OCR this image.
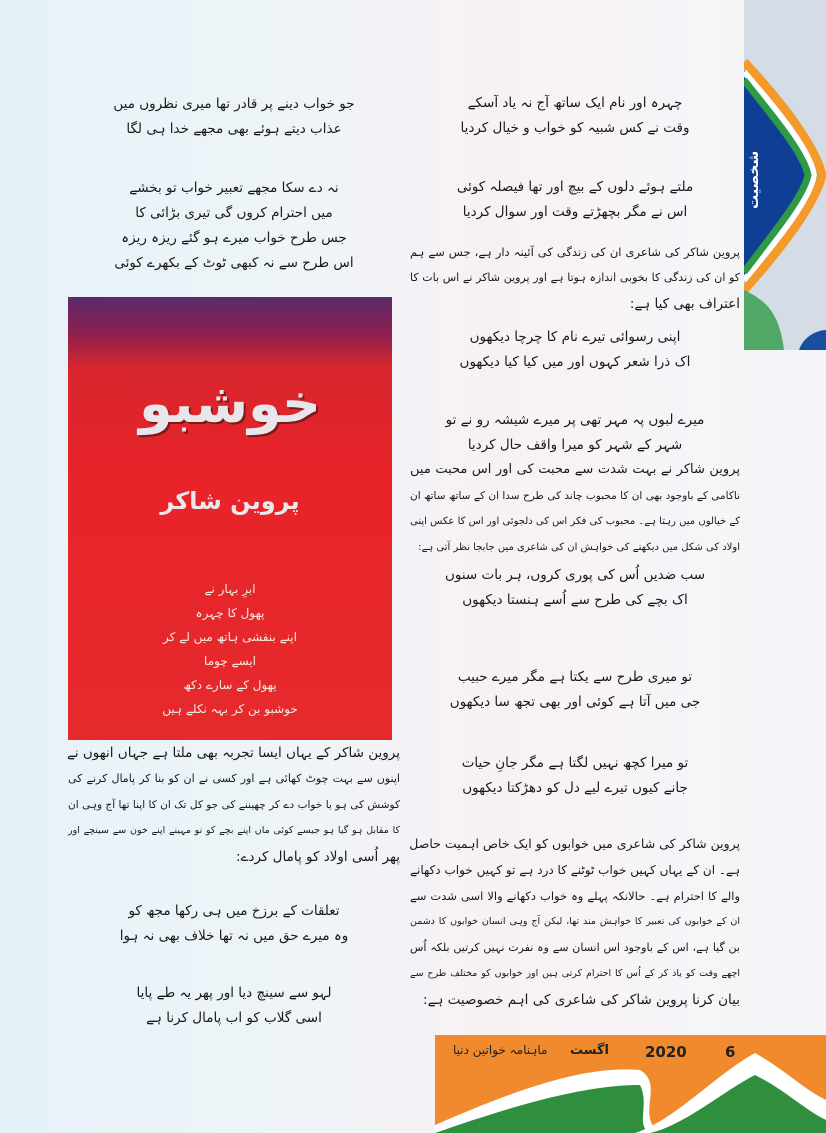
شخصیت
خوشبو
پروین شاکر
ابرِ بہار نے
پھول کا چہرہ
اپنے بنفشی ہاتھ میں لے کر
ایسے چوما
پھول کے سارے دکھ
خوشبو بن کر بہہ نکلے ہیں
6
2020
اگست
ماہنامہ خواتین دنیا
چہرہ اور نام ایک ساتھ آج نہ یاد آسکے
وقت نے کس شبیہ کو خواب و خیال کردیا
ملتے ہوئے دلوں کے بیچ اور تھا فیصلہ کوئی
اس نے مگر بچھڑتے وقت اور سوال کردیا
پروین شاکر کی شاعری ان کی زندگی کی آئینہ دار ہے، جس سے ہم
کو ان کی زندگی کا بخوبی اندازہ ہوتا ہے اور پروین شاکر نے اس بات کا
اعتراف بھی کیا ہے:
اپنی رسوائی تیرے نام کا چرچا دیکھوں
اک ذرا شعر کہوں اور میں کیا کیا دیکھوں
میرے لبوں پہ مہر تھی پر میرے شیشہ رو نے تو
شہر کے شہر کو میرا واقف حال کردیا
پروین شاکر نے بہت شدت سے محبت کی اور اس محبت میں
ناکامی کے باوجود بھی ان کا محبوب چاند کی طرح سدا ان کے ساتھ ساتھ ان
کے خیالوں میں رہتا ہے۔ محبوب کی فکر اس کی دلجوئی اور اس کا عکس اپنی
اولاد کی شکل میں دیکھنے کی خواہش ان کی شاعری میں جابجا نظر آتی ہے:
سب ضدیں اُس کی پوری کروں، ہر بات سنوں
اک بچے کی طرح سے اُسے ہنستا دیکھوں
تو میری طرح سے یکتا ہے مگر میرے حبیب
جی میں آتا ہے کوئی اور بھی تجھ سا دیکھوں
تو میرا کچھ نہیں لگتا ہے مگر جانِ حیات
جانے کیوں تیرے لیے دل کو دھڑکتا دیکھوں
پروین شاکر کی شاعری میں خوابوں کو ایک خاص اہمیت حاصل
ہے۔ ان کے یہاں کہیں خواب ٹوٹنے کا درد ہے تو کہیں خواب دکھانے
والے کا احترام ہے۔ حالانکہ پہلے وہ خواب دکھانے والا اسی شدت سے
ان کے خوابوں کی تعبیر کا خواہش مند تھا، لیکن آج وہی انسان خوابوں کا دشمن
بن گیا ہے، اس کے باوجود اس انسان سے وہ نفرت نہیں کرتیں بلکہ اُس
اچھے وقت کو یاد کر کے اُس کا احترام کرتی ہیں اور خوابوں کو مختلف طرح سے
بیان کرنا پروین شاکر کی شاعری کی اہم خصوصیت ہے:
جو خواب دینے پر قادر تھا میری نظروں میں
عذاب دیتے ہوئے بھی مجھے خدا ہی لگا
نہ دے سکا مجھے تعبیر خواب تو بخشے
میں احترام کروں گی تیری بڑائی کا
جس طرح خواب میرے ہو گئے ریزہ ریزہ
اس طرح سے نہ کبھی ٹوٹ کے بکھرے کوئی
پروین شاکر کے یہاں ایسا تجربہ بھی ملتا ہے جہاں انھوں نے
اپنوں سے بہت چوٹ کھائی ہے اور کسی نے ان کو بنا کر پامال کرنے کی
کوشش کی ہو یا خواب دے کر چھیننے کی جو کل تک ان کا اپنا تھا آج وہی ان
کا مقابل ہو گیا ہو جیسے کوئی ماں اپنے بچے کو نو مہینے اپنے خون سے سینچے اور
پھر اُسی اولاد کو پامال کردے:
تعلقات کے برزخ میں ہی رکھا مجھ کو
وہ میرے حق میں نہ تھا خلاف بھی نہ ہوا
لہو سے سینچ دیا اور پھر یہ طے پایا
اسی گلاب کو اب پامال کرنا ہے
